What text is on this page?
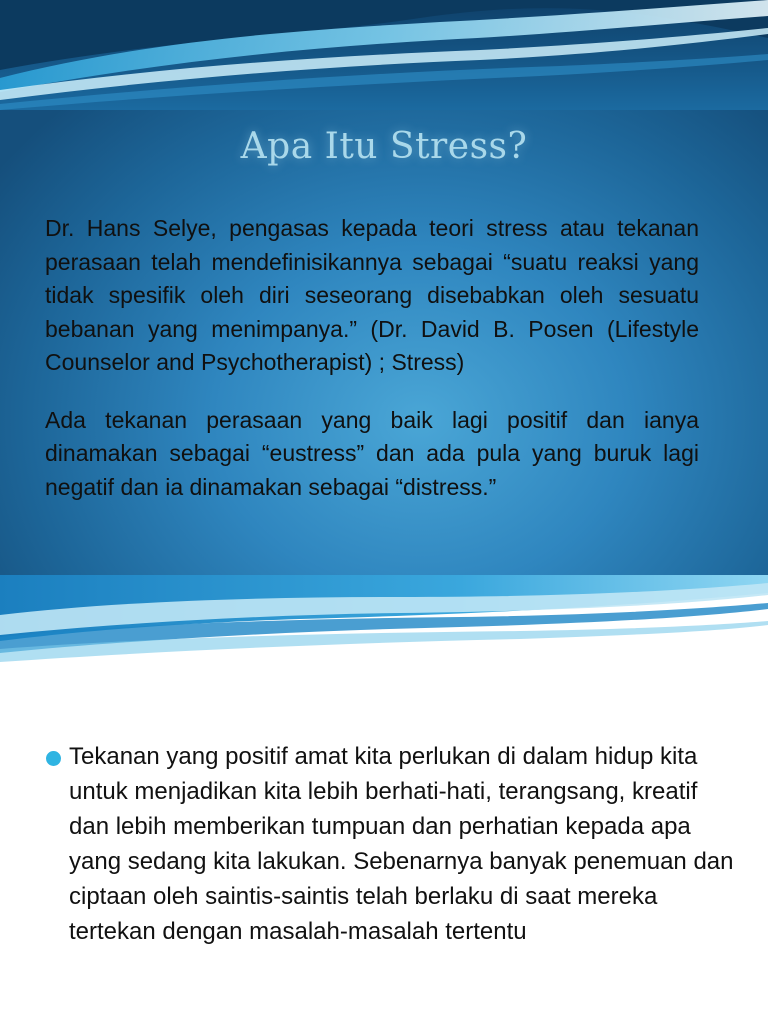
Apa Itu Stress?

Dr. Hans Selye, pengasas kepada teori stress atau tekanan perasaan telah mendefinisikannya sebagai “suatu reaksi yang tidak spesifik oleh diri seseorang disebabkan oleh sesuatu bebanan yang menimpanya.” (Dr. David B. Posen (Lifestyle Counselor and Psychotherapist) ; Stress)

Ada tekanan perasaan yang baik lagi positif dan ianya dinamakan sebagai “eustress” dan ada pula yang buruk lagi negatif dan ia dinamakan sebagai “distress.”

Tekanan yang positif amat kita perlukan di dalam hidup kita untuk menjadikan kita lebih berhati-hati, terangsang, kreatif dan lebih memberikan tumpuan dan perhatian kepada apa yang sedang kita lakukan. Sebenarnya banyak penemuan dan ciptaan oleh saintis-saintis telah berlaku di saat mereka tertekan dengan masalah-masalah tertentu
